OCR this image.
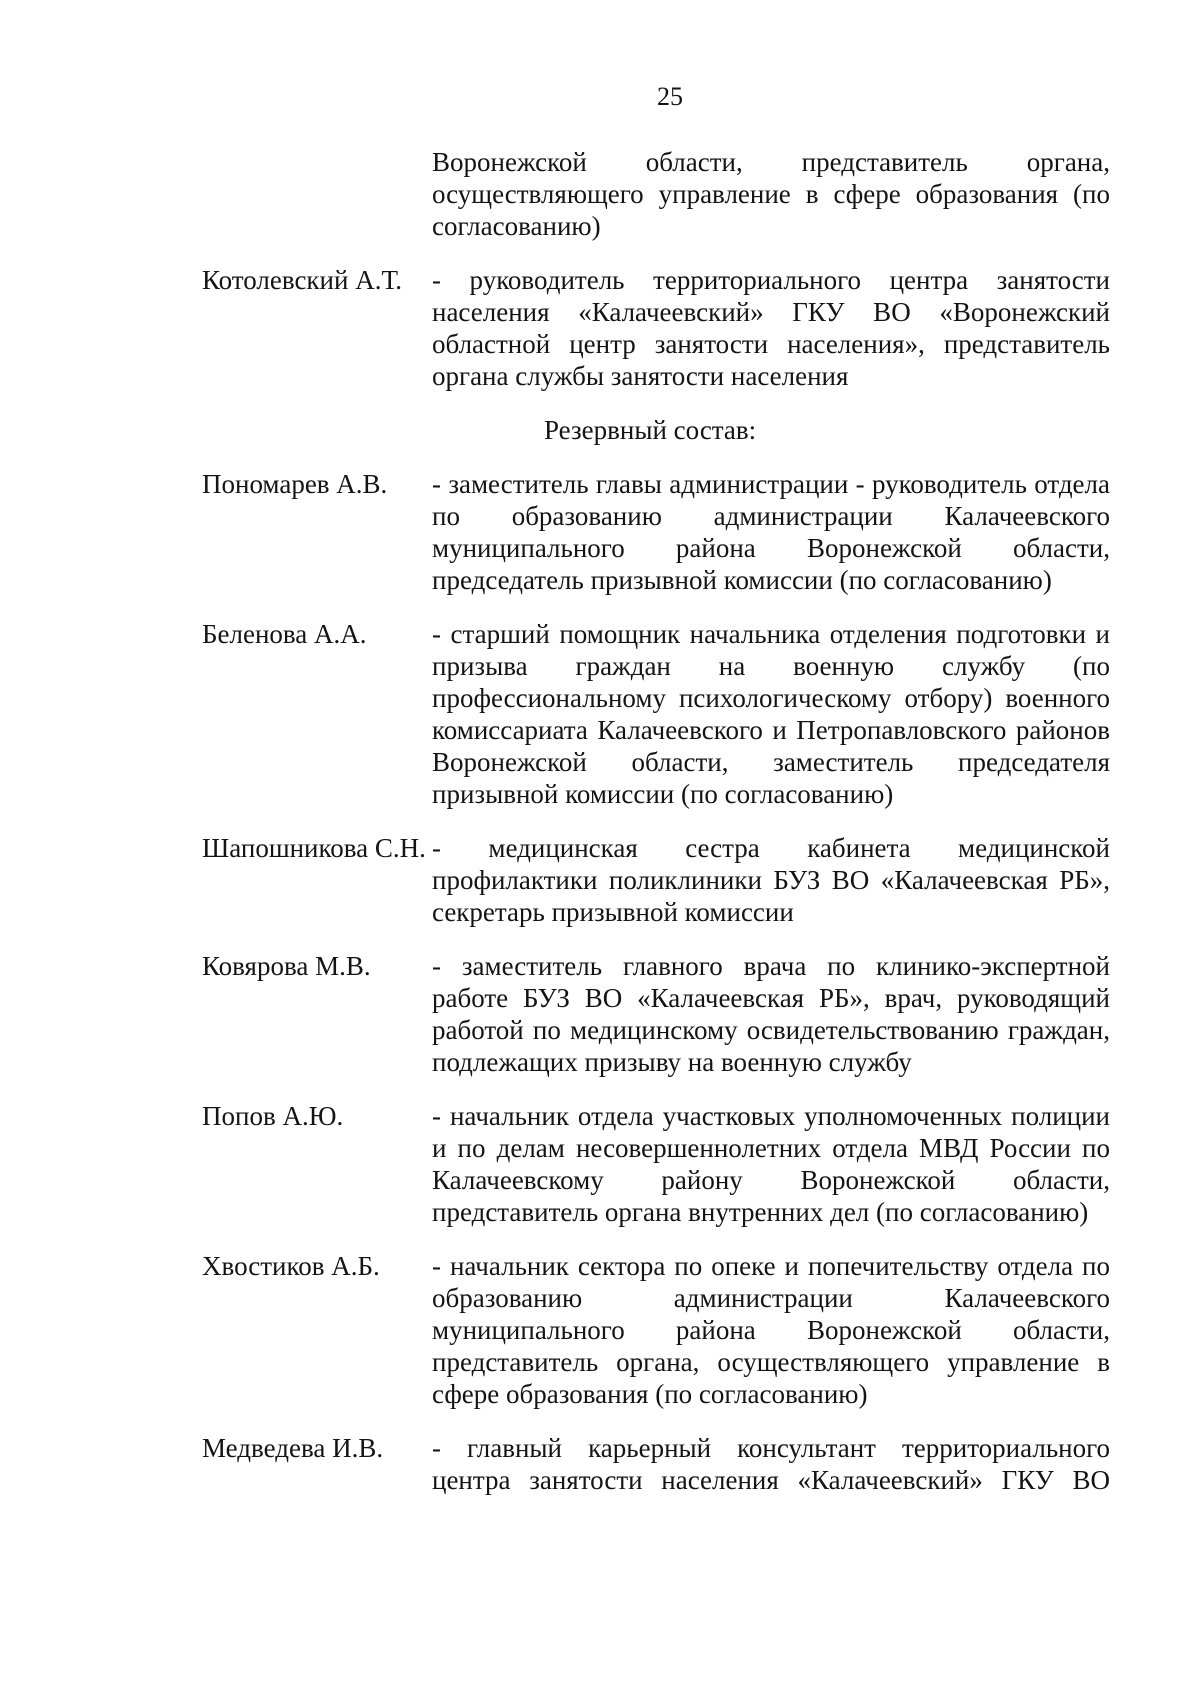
25
Воронежской области, представитель органа, осуществляющего управление в сфере образования (по согласованию)
Котолевский А.Т.	- руководитель территориального центра занятости населения «Калачеевский» ГКУ ВО «Воронежский областной центр занятости населения», представитель органа службы занятости населения
Резервный состав:
Пономарев А.В.	- заместитель главы администрации - руководитель отдела по образованию администрации Калачеевского муниципального района Воронежской области, председатель призывной комиссии (по согласованию)
Беленова А.А.	- старший помощник начальника отделения подготовки и призыва граждан на военную службу (по профессиональному психологическому отбору) военного комиссариата Калачеевского и Петропавловского районов Воронежской области, заместитель председателя призывной комиссии (по согласованию)
Шапошникова С.Н. - медицинская сестра кабинета медицинской профилактики поликлиники БУЗ ВО «Калачеевская РБ», секретарь призывной комиссии
Ковярова М.В.	- заместитель главного врача по клинико-экспертной работе БУЗ ВО «Калачеевская РБ», врач, руководящий работой по медицинскому освидетельствованию граждан, подлежащих призыву на военную службу
Попов А.Ю.	- начальник отдела участковых уполномоченных полиции и по делам несовершеннолетних отдела МВД России по Калачеевскому району Воронежской области, представитель органа внутренних дел (по согласованию)
Хвостиков А.Б.	- начальник сектора по опеке и попечительству отдела по образованию администрации Калачеевского муниципального района Воронежской области, представитель органа, осуществляющего управление в сфере образования (по согласованию)
Медведева И.В.	- главный карьерный консультант территориального центра занятости населения «Калачеевский» ГКУ ВО
